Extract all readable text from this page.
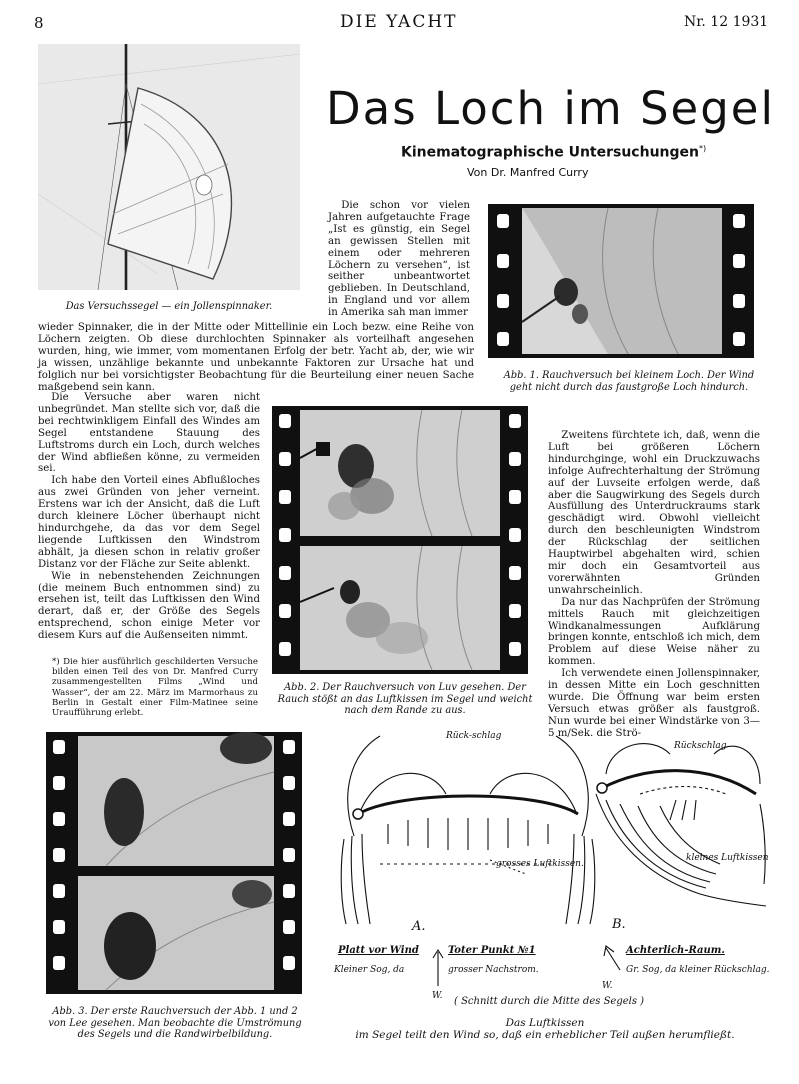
8	DIE YACHT	Nr. 12 1931
Das Versuchssegel — ein Jollenspinnaker.
Das Loch im Segel
Kinematographische Untersuchungen*)
Von Dr. Manfred Curry

Die schon vor vielen Jahren aufgetauchte Frage „Ist es günstig, ein Segel an gewissen Stellen mit einem oder mehreren Löchern zu versehen“, ist seither unbeantwortet geblieben. In Deutschland, in England und vor allem in Amerika sah man immer

wieder Spinnaker, die in der Mitte oder Mittellinie ein Loch bezw. eine Reihe von Löchern zeigten. Ob diese durchlochten Spinnaker als vorteilhaft angesehen wurden, hing, wie immer, vom momentanen Erfolg der betr. Yacht ab, der, wie wir ja wissen, unzählige bekannte und unbekannte Faktoren zur Ursache hat und folglich nur bei vorsichtigster Beobachtung für die Beurteilung einer neuen Sache maßgebend sein kann.

Abb. 1. Rauchversuch bei kleinem Loch. Der Wind geht nicht durch das faustgroße Loch hindurch.

Die Versuche aber waren nicht unbegründet. Man stellte sich vor, daß die bei rechtwinkligem Einfall des Windes am Segel entstandene Stauung des Luftstroms durch ein Loch, durch welches der Wind abfließen könne, zu vermeiden sei.

Ich habe den Vorteil eines Abflußloches aus zwei Gründen von jeher verneint. Erstens war ich der Ansicht, daß die Luft durch kleinere Löcher überhaupt nicht hindurchgehe, da das vor dem Segel liegende Luftkissen den Windstrom abhält, ja diesen schon in relativ großer Distanz vor der Fläche zur Seite ablenkt.

Wie in nebenstehenden Zeichnungen (die meinem Buch entnommen sind) zu ersehen ist, teilt das Luftkissen den Wind derart, daß er, der Größe des Segels entsprechend, schon einige Meter vor diesem Kurs auf die Außenseiten nimmt.

*) Die hier ausführlich geschilderten Versuche bilden einen Teil des von Dr. Manfred Curry zusammengestellten Films „Wind und Wasser“, der am 22. März im Marmorhaus zu Berlin in Gestalt einer Film-Matinee seine Uraufführung erlebt.
Abb. 2. Der Rauchversuch von Luv gesehen. Der Rauch stößt an das Luftkissen im Segel und weicht nach dem Rande zu aus.

Zweitens fürchtete ich, daß, wenn die Luft bei größeren Löchern hindurchginge, wohl ein Druckzuwachs infolge Aufrechterhaltung der Strömung auf der Luvseite erfolgen werde, daß aber die Saugwirkung des Segels durch Ausfüllung des Unterdruckraums stark geschädigt wird. Obwohl vielleicht durch den beschleunigten Windstrom der Rückschlag der seitlichen Hauptwirbel abgehalten wird, schien mir doch ein Gesamtvorteil aus vorerwähnten Gründen unwahrscheinlich.

Da nur das Nachprüfen der Strömung mittels Rauch mit gleichzeitigen Windkanalmessungen Aufklärung bringen konnte, entschloß ich mich, dem Problem auf diese Weise näher zu kommen.

Ich verwendete einen Jollenspinnaker, in dessen Mitte ein Loch geschnitten wurde. Die Öffnung war beim ersten Versuch etwas größer als faustgroß. Nun wurde bei einer Windstärke von 3—5 m/Sek. die Strö-

Abb. 3. Der erste Rauchversuch der Abb. 1 und 2 von Lee gesehen. Man beobachte die Umströmung des Segels und die Randwirbelbildung.
Rück-schlag
grosses Luftkissen.
A.
Platt vor Wind	Toter Punkt №1
Kleiner Sog, da	grosser Nachstrom.
W.
Rückschlag
kleines Luftkissen
B.
Achterlich-Raum.
Gr. Sog, da kleiner Rückschlag.
W.
( Schnitt durch die Mitte des Segels )
Das Luftkissen
im Segel teilt den Wind so, daß ein erheblicher Teil außen herumfließt.
